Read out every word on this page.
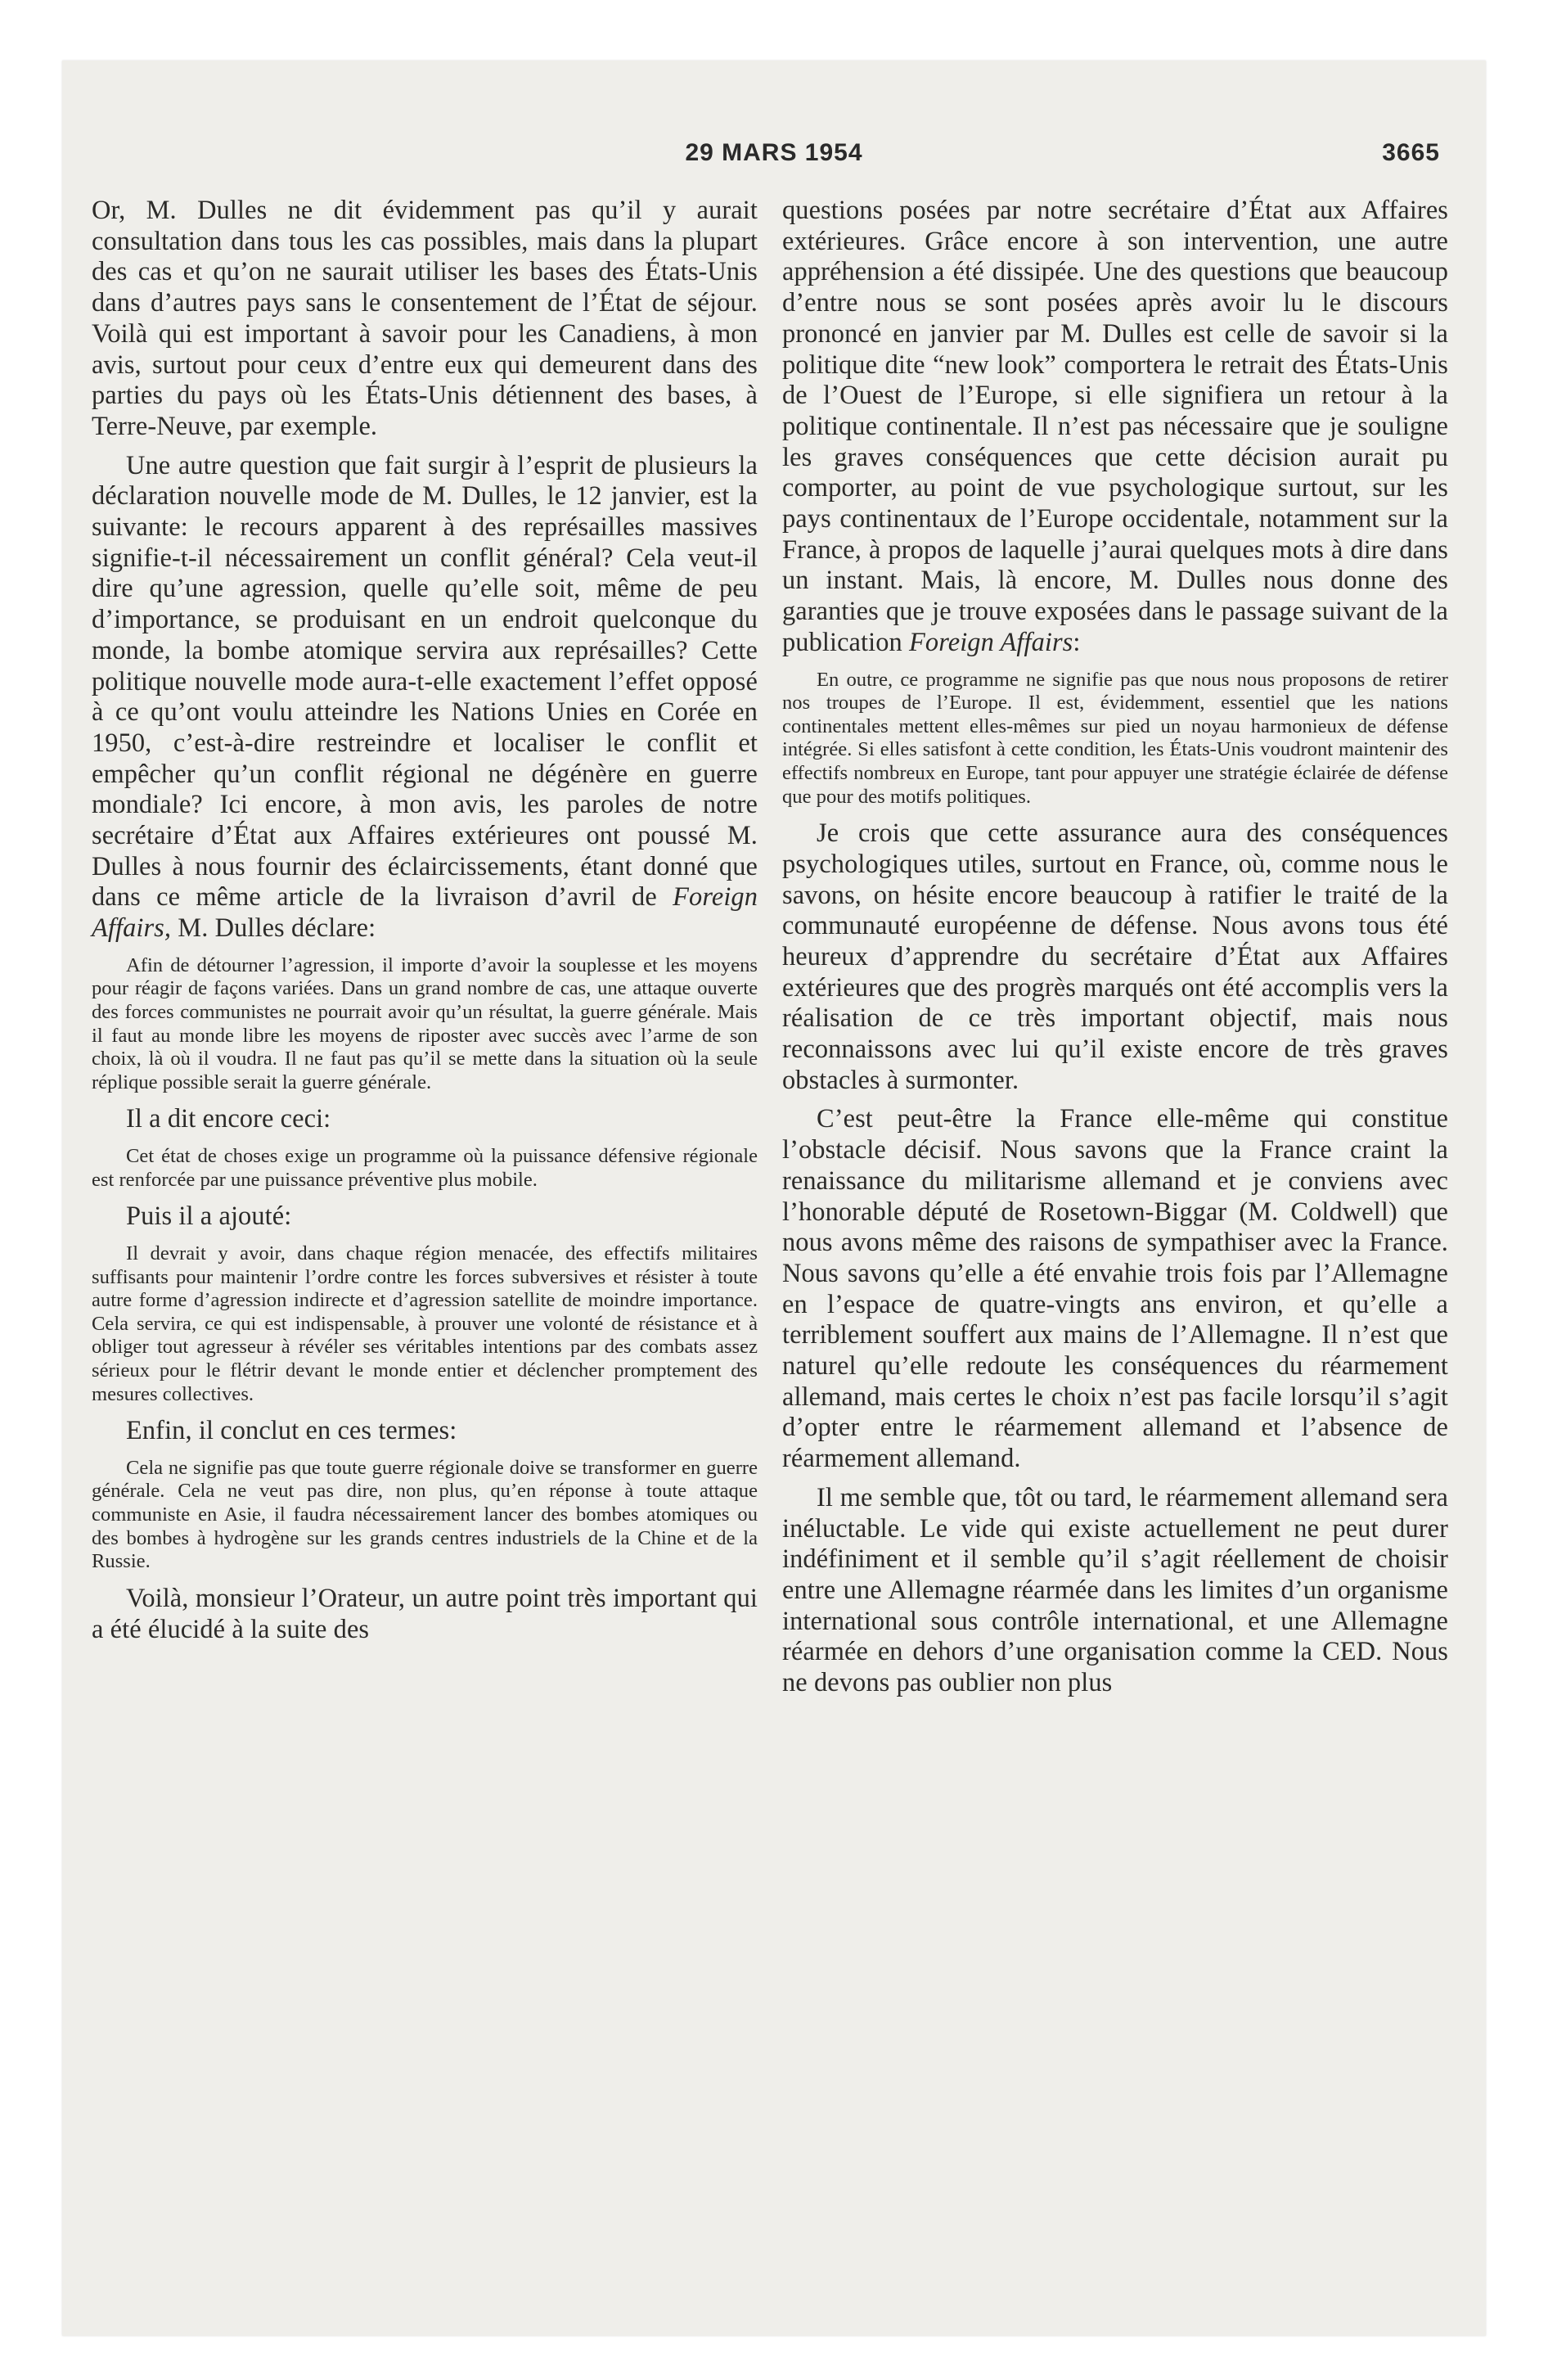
29 MARS 1954	3665

Or, M. Dulles ne dit évidemment pas qu’il y aurait consultation dans tous les cas possibles, mais dans la plupart des cas et qu’on ne saurait utiliser les bases des États-Unis dans d’autres pays sans le consentement de l’État de séjour. Voilà qui est important à savoir pour les Canadiens, à mon avis, surtout pour ceux d’entre eux qui demeurent dans des parties du pays où les États-Unis détiennent des bases, à Terre-Neuve, par exemple.

Une autre question que fait surgir à l’esprit de plusieurs la déclaration nouvelle mode de M. Dulles, le 12 janvier, est la suivante: le recours apparent à des représailles massives signifie-t-il nécessairement un conflit général? Cela veut-il dire qu’une agression, quelle qu’elle soit, même de peu d’importance, se produisant en un endroit quelconque du monde, la bombe atomique servira aux représailles? Cette politique nouvelle mode aura-t-elle exactement l’effet opposé à ce qu’ont voulu atteindre les Nations Unies en Corée en 1950, c’est-à-dire restreindre et localiser le conflit et empêcher qu’un conflit régional ne dégénère en guerre mondiale? Ici encore, à mon avis, les paroles de notre secrétaire d’État aux Affaires extérieures ont poussé M. Dulles à nous fournir des éclaircissements, étant donné que dans ce même article de la livraison d’avril de Foreign Affairs, M. Dulles déclare:

Afin de détourner l’agression, il importe d’avoir la souplesse et les moyens pour réagir de façons variées. Dans un grand nombre de cas, une attaque ouverte des forces communistes ne pourrait avoir qu’un résultat, la guerre générale. Mais il faut au monde libre les moyens de riposter avec succès avec l’arme de son choix, là où il voudra. Il ne faut pas qu’il se mette dans la situation où la seule réplique possible serait la guerre générale.

Il a dit encore ceci:

Cet état de choses exige un programme où la puissance défensive régionale est renforcée par une puissance préventive plus mobile.

Puis il a ajouté:

Il devrait y avoir, dans chaque région menacée, des effectifs militaires suffisants pour maintenir l’ordre contre les forces subversives et résister à toute autre forme d’agression indirecte et d’agression satellite de moindre importance. Cela servira, ce qui est indispensable, à prouver une volonté de résistance et à obliger tout agresseur à révéler ses véritables intentions par des combats assez sérieux pour le flétrir devant le monde entier et déclencher promptement des mesures collectives.

Enfin, il conclut en ces termes:

Cela ne signifie pas que toute guerre régionale doive se transformer en guerre générale. Cela ne veut pas dire, non plus, qu’en réponse à toute attaque communiste en Asie, il faudra nécessairement lancer des bombes atomiques ou des bombes à hydrogène sur les grands centres industriels de la Chine et de la Russie.

Voilà, monsieur l’Orateur, un autre point très important qui a été élucidé à la suite des

questions posées par notre secrétaire d’État aux Affaires extérieures. Grâce encore à son intervention, une autre appréhension a été dissipée. Une des questions que beaucoup d’entre nous se sont posées après avoir lu le discours prononcé en janvier par M. Dulles est celle de savoir si la politique dite “new look” comportera le retrait des États-Unis de l’Ouest de l’Europe, si elle signifiera un retour à la politique continentale. Il n’est pas nécessaire que je souligne les graves conséquences que cette décision aurait pu comporter, au point de vue psychologique surtout, sur les pays continentaux de l’Europe occidentale, notamment sur la France, à propos de laquelle j’aurai quelques mots à dire dans un instant. Mais, là encore, M. Dulles nous donne des garanties que je trouve exposées dans le passage suivant de la publication Foreign Affairs:

En outre, ce programme ne signifie pas que nous nous proposons de retirer nos troupes de l’Europe. Il est, évidemment, essentiel que les nations continentales mettent elles-mêmes sur pied un noyau harmonieux de défense intégrée. Si elles satisfont à cette condition, les États-Unis voudront maintenir des effectifs nombreux en Europe, tant pour appuyer une stratégie éclairée de défense que pour des motifs politiques.

Je crois que cette assurance aura des conséquences psychologiques utiles, surtout en France, où, comme nous le savons, on hésite encore beaucoup à ratifier le traité de la communauté européenne de défense. Nous avons tous été heureux d’apprendre du secrétaire d’État aux Affaires extérieures que des progrès marqués ont été accomplis vers la réalisation de ce très important objectif, mais nous reconnaissons avec lui qu’il existe encore de très graves obstacles à surmonter.

C’est peut-être la France elle-même qui constitue l’obstacle décisif. Nous savons que la France craint la renaissance du militarisme allemand et je conviens avec l’honorable député de Rosetown-Biggar (M. Coldwell) que nous avons même des raisons de sympathiser avec la France. Nous savons qu’elle a été envahie trois fois par l’Allemagne en l’espace de quatre-vingts ans environ, et qu’elle a terriblement souffert aux mains de l’Allemagne. Il n’est que naturel qu’elle redoute les conséquences du réarmement allemand, mais certes le choix n’est pas facile lorsqu’il s’agit d’opter entre le réarmement allemand et l’absence de réarmement allemand.

Il me semble que, tôt ou tard, le réarmement allemand sera inéluctable. Le vide qui existe actuellement ne peut durer indéfiniment et il semble qu’il s’agit réellement de choisir entre une Allemagne réarmée dans les limites d’un organisme international sous contrôle international, et une Allemagne réarmée en dehors d’une organisation comme la CED. Nous ne devons pas oublier non plus
